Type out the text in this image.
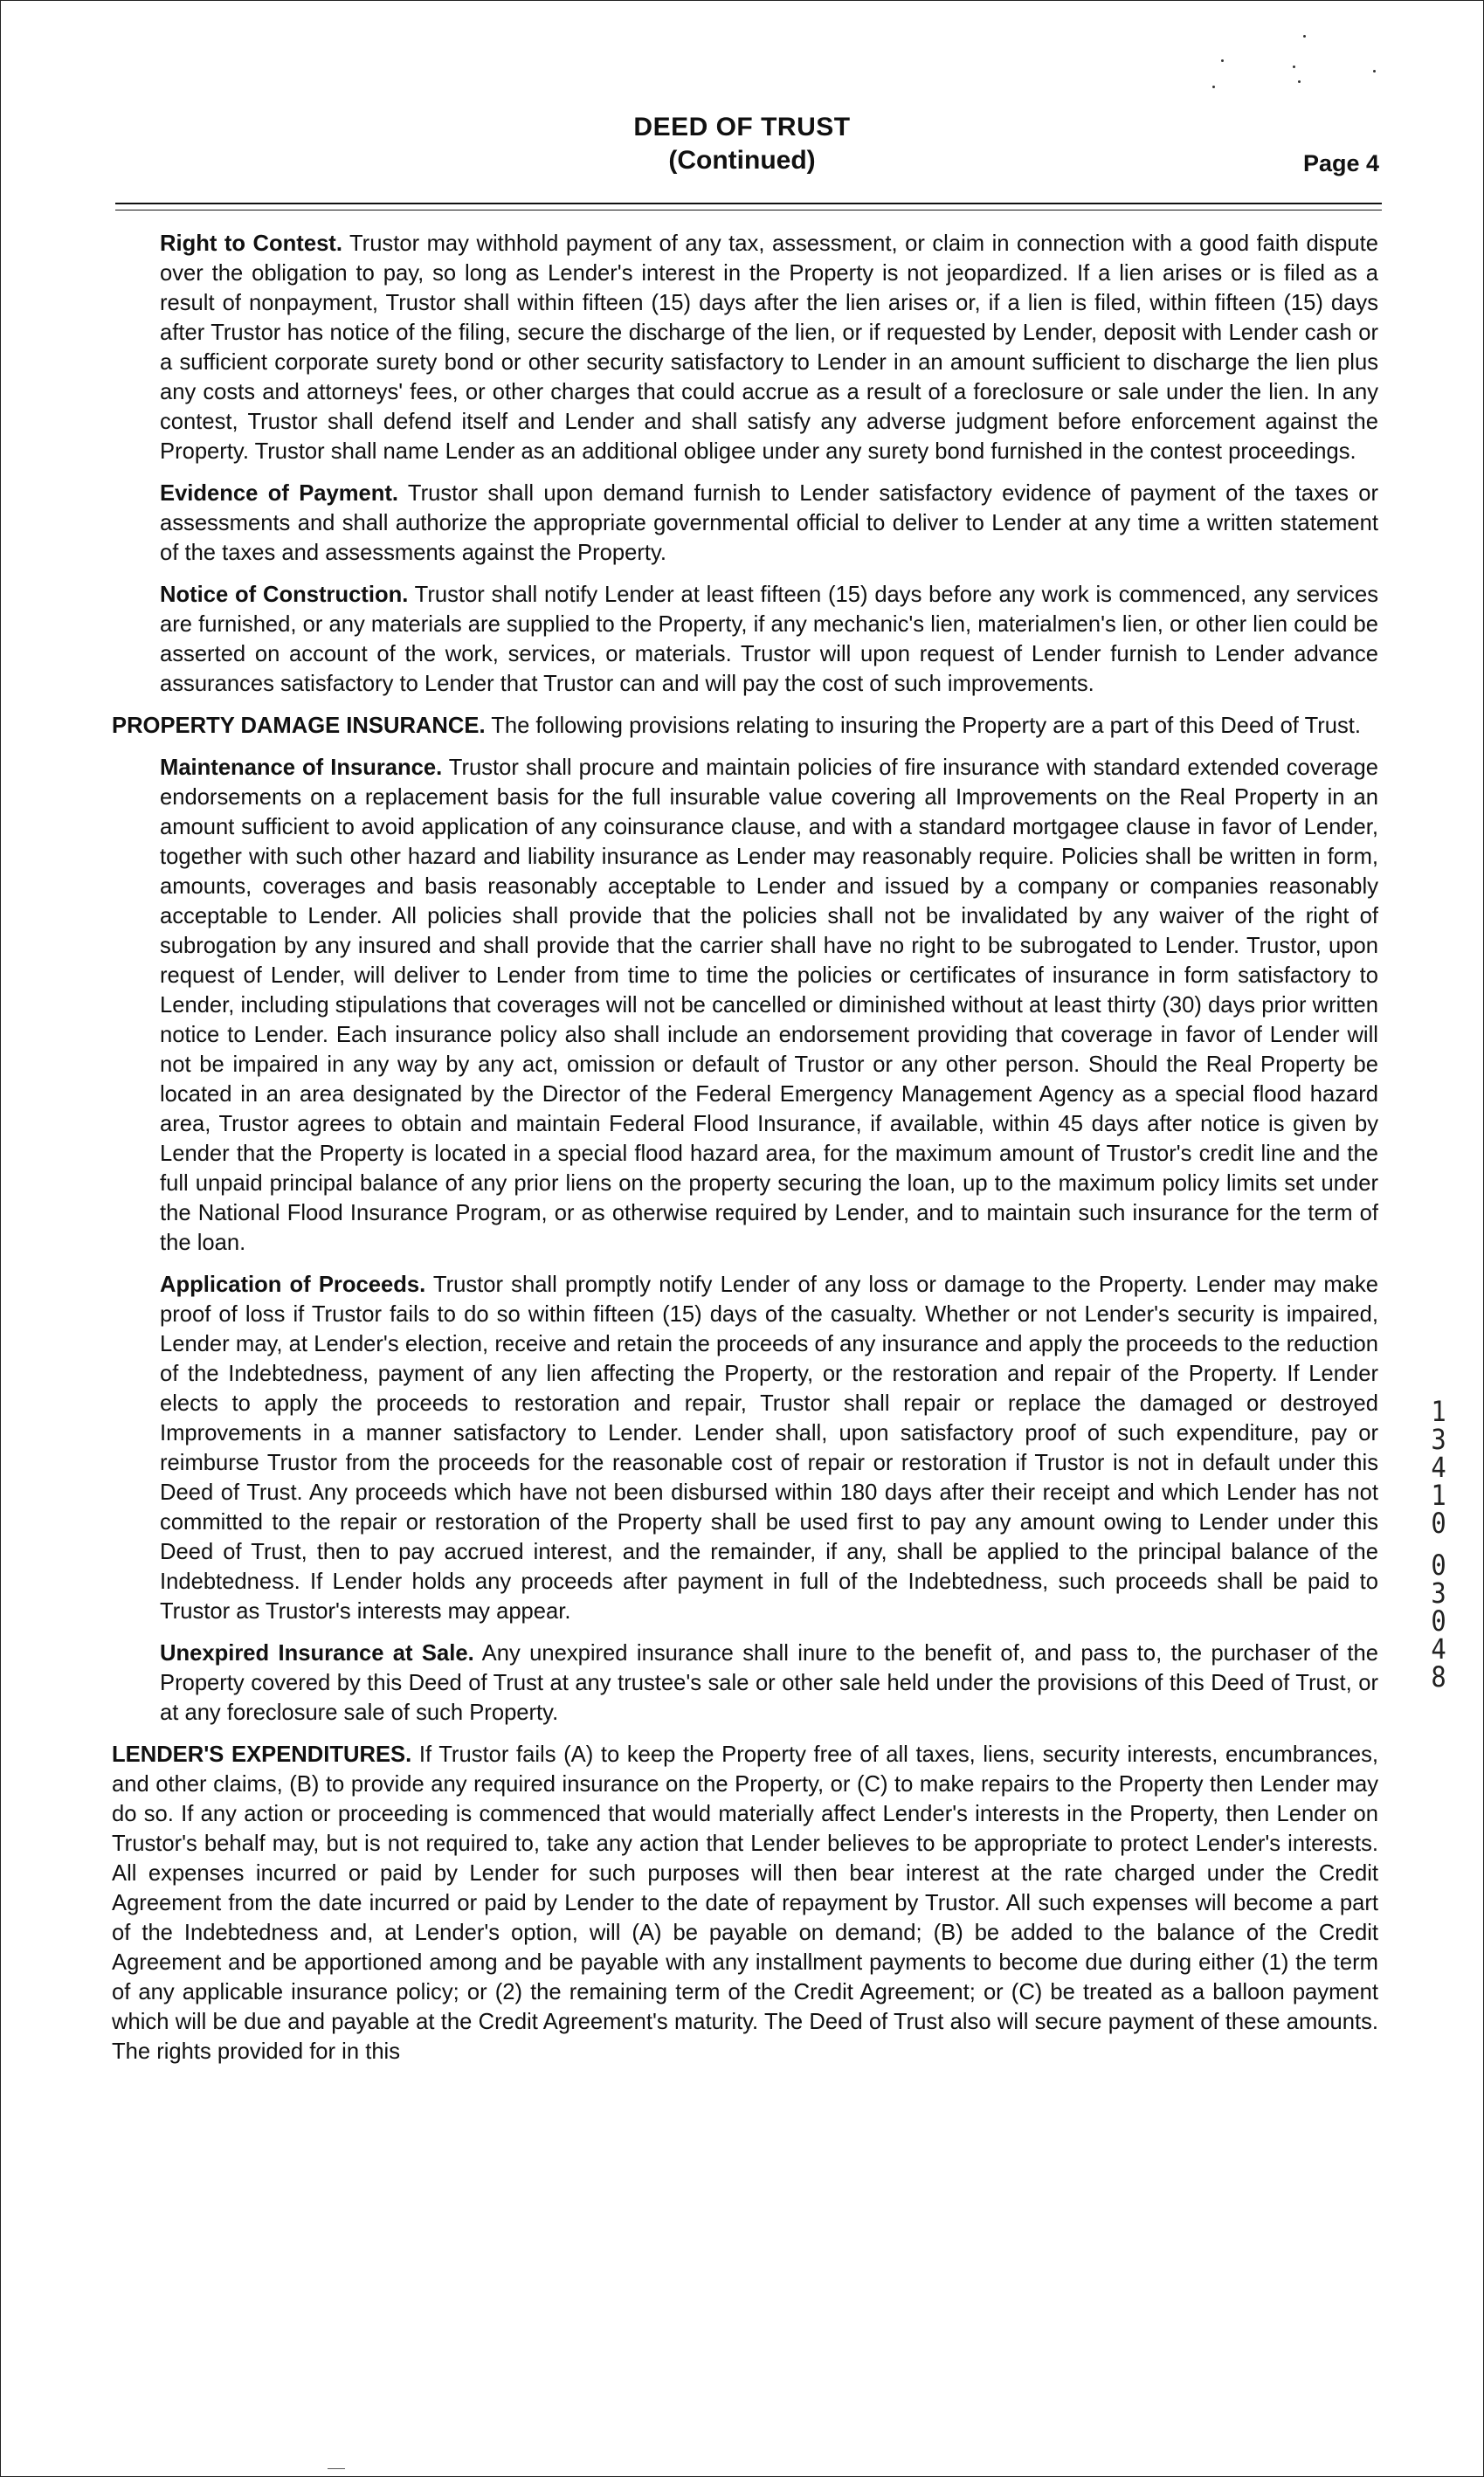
DEED OF TRUST
(Continued)	Page 4

Right to Contest. Trustor may withhold payment of any tax, assessment, or claim in connection with a good faith dispute over the obligation to pay, so long as Lender's interest in the Property is not jeopardized. If a lien arises or is filed as a result of nonpayment, Trustor shall within fifteen (15) days after the lien arises or, if a lien is filed, within fifteen (15) days after Trustor has notice of the filing, secure the discharge of the lien, or if requested by Lender, deposit with Lender cash or a sufficient corporate surety bond or other security satisfactory to Lender in an amount sufficient to discharge the lien plus any costs and attorneys' fees, or other charges that could accrue as a result of a foreclosure or sale under the lien. In any contest, Trustor shall defend itself and Lender and shall satisfy any adverse judgment before enforcement against the Property. Trustor shall name Lender as an additional obligee under any surety bond furnished in the contest proceedings.

Evidence of Payment. Trustor shall upon demand furnish to Lender satisfactory evidence of payment of the taxes or assessments and shall authorize the appropriate governmental official to deliver to Lender at any time a written statement of the taxes and assessments against the Property.

Notice of Construction. Trustor shall notify Lender at least fifteen (15) days before any work is commenced, any services are furnished, or any materials are supplied to the Property, if any mechanic's lien, materialmen's lien, or other lien could be asserted on account of the work, services, or materials. Trustor will upon request of Lender furnish to Lender advance assurances satisfactory to Lender that Trustor can and will pay the cost of such improvements.

PROPERTY DAMAGE INSURANCE. The following provisions relating to insuring the Property are a part of this Deed of Trust.

Maintenance of Insurance. Trustor shall procure and maintain policies of fire insurance with standard extended coverage endorsements on a replacement basis for the full insurable value covering all Improvements on the Real Property in an amount sufficient to avoid application of any coinsurance clause, and with a standard mortgagee clause in favor of Lender, together with such other hazard and liability insurance as Lender may reasonably require. Policies shall be written in form, amounts, coverages and basis reasonably acceptable to Lender and issued by a company or companies reasonably acceptable to Lender. All policies shall provide that the policies shall not be invalidated by any waiver of the right of subrogation by any insured and shall provide that the carrier shall have no right to be subrogated to Lender. Trustor, upon request of Lender, will deliver to Lender from time to time the policies or certificates of insurance in form satisfactory to Lender, including stipulations that coverages will not be cancelled or diminished without at least thirty (30) days prior written notice to Lender. Each insurance policy also shall include an endorsement providing that coverage in favor of Lender will not be impaired in any way by any act, omission or default of Trustor or any other person. Should the Real Property be located in an area designated by the Director of the Federal Emergency Management Agency as a special flood hazard area, Trustor agrees to obtain and maintain Federal Flood Insurance, if available, within 45 days after notice is given by Lender that the Property is located in a special flood hazard area, for the maximum amount of Trustor's credit line and the full unpaid principal balance of any prior liens on the property securing the loan, up to the maximum policy limits set under the National Flood Insurance Program, or as otherwise required by Lender, and to maintain such insurance for the term of the loan.

Application of Proceeds. Trustor shall promptly notify Lender of any loss or damage to the Property. Lender may make proof of loss if Trustor fails to do so within fifteen (15) days of the casualty. Whether or not Lender's security is impaired, Lender may, at Lender's election, receive and retain the proceeds of any insurance and apply the proceeds to the reduction of the Indebtedness, payment of any lien affecting the Property, or the restoration and repair of the Property. If Lender elects to apply the proceeds to restoration and repair, Trustor shall repair or replace the damaged or destroyed Improvements in a manner satisfactory to Lender. Lender shall, upon satisfactory proof of such expenditure, pay or reimburse Trustor from the proceeds for the reasonable cost of repair or restoration if Trustor is not in default under this Deed of Trust. Any proceeds which have not been disbursed within 180 days after their receipt and which Lender has not committed to the repair or restoration of the Property shall be used first to pay any amount owing to Lender under this Deed of Trust, then to pay accrued interest, and the remainder, if any, shall be applied to the principal balance of the Indebtedness. If Lender holds any proceeds after payment in full of the Indebtedness, such proceeds shall be paid to Trustor as Trustor's interests may appear.

Unexpired Insurance at Sale. Any unexpired insurance shall inure to the benefit of, and pass to, the purchaser of the Property covered by this Deed of Trust at any trustee's sale or other sale held under the provisions of this Deed of Trust, or at any foreclosure sale of such Property.

LENDER'S EXPENDITURES. If Trustor fails (A) to keep the Property free of all taxes, liens, security interests, encumbrances, and other claims, (B) to provide any required insurance on the Property, or (C) to make repairs to the Property then Lender may do so. If any action or proceeding is commenced that would materially affect Lender's interests in the Property, then Lender on Trustor's behalf may, but is not required to, take any action that Lender believes to be appropriate to protect Lender's interests. All expenses incurred or paid by Lender for such purposes will then bear interest at the rate charged under the Credit Agreement from the date incurred or paid by Lender to the date of repayment by Trustor. All such expenses will become a part of the Indebtedness and, at Lender's option, will (A) be payable on demand; (B) be added to the balance of the Credit Agreement and be apportioned among and be payable with any installment payments to become due during either (1) the term of any applicable insurance policy; or (2) the remaining term of the Credit Agreement; or (C) be treated as a balloon payment which will be due and payable at the Credit Agreement's maturity. The Deed of Trust also will secure payment of these amounts. The rights provided for in this

1
3
4
1
0
0
3
0
4
8
